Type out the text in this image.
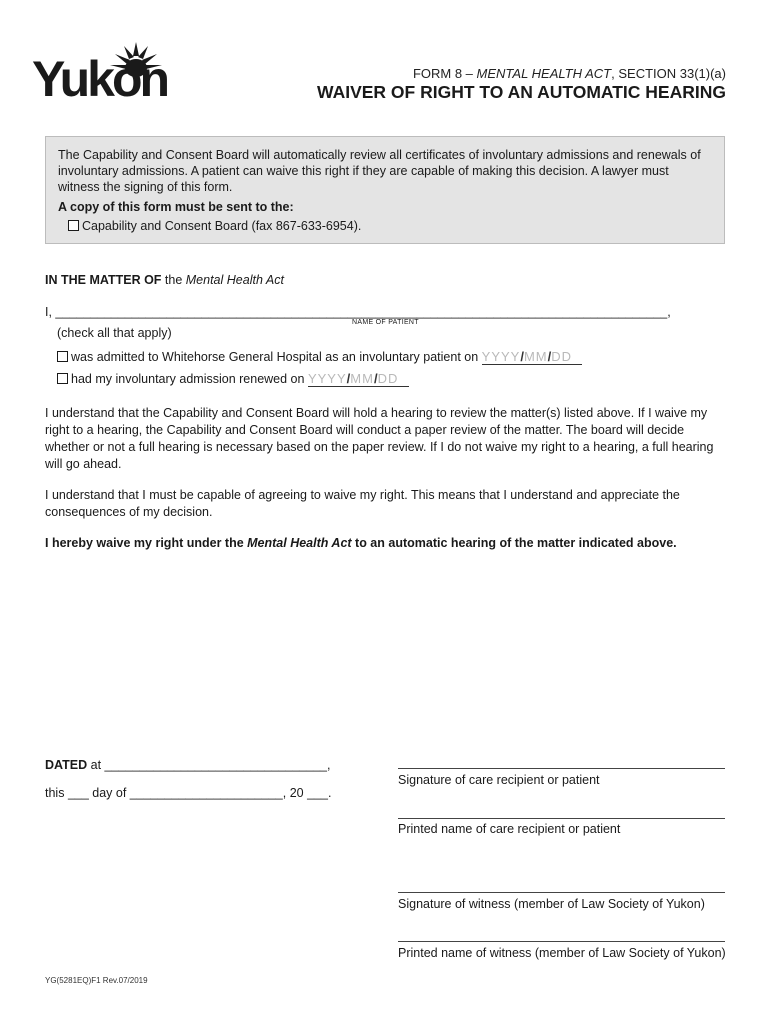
Yukon	FORM 8 – MENTAL HEALTH ACT, SECTION 33(1)(a)
WAIVER OF RIGHT TO AN AUTOMATIC HEARING

The Capability and Consent Board will automatically review all certificates of involuntary admissions and renewals of involuntary admissions. A patient can waive this right if they are capable of making this decision. A lawyer must witness the signing of this form.

A copy of this form must be sent to the:

Capability and Consent Board (fax 867-633-6954).

IN THE MATTER OF the Mental Health Act
I, ________________________________________________________________________________________,
NAME OF PATIENT
(check all that apply)
was admitted to Whitehorse General Hospital as an involuntary patient on YYYY/MM/DD
had my involuntary admission renewed on YYYY/MM/DD
I understand that the Capability and Consent Board will hold a hearing to review the matter(s) listed above. If I waive my right to a hearing, the Capability and Consent Board will conduct a paper review of the matter. The board will decide whether or not a full hearing is necessary based on the paper review. If I do not waive my right to a hearing, a full hearing will go ahead.
I understand that I must be capable of agreeing to waive my right. This means that I understand and appreciate the consequences of my decision.
I hereby waive my right under the Mental Health Act to an automatic hearing of the matter indicated above.
DATED at ________________________________,
this ___ day of ______________________, 20 ___.
Signature of care recipient or patient
Printed name of care recipient or patient
Signature of witness (member of Law Society of Yukon)
Printed name of witness (member of Law Society of Yukon)
YG(5281EQ)F1 Rev.07/2019
